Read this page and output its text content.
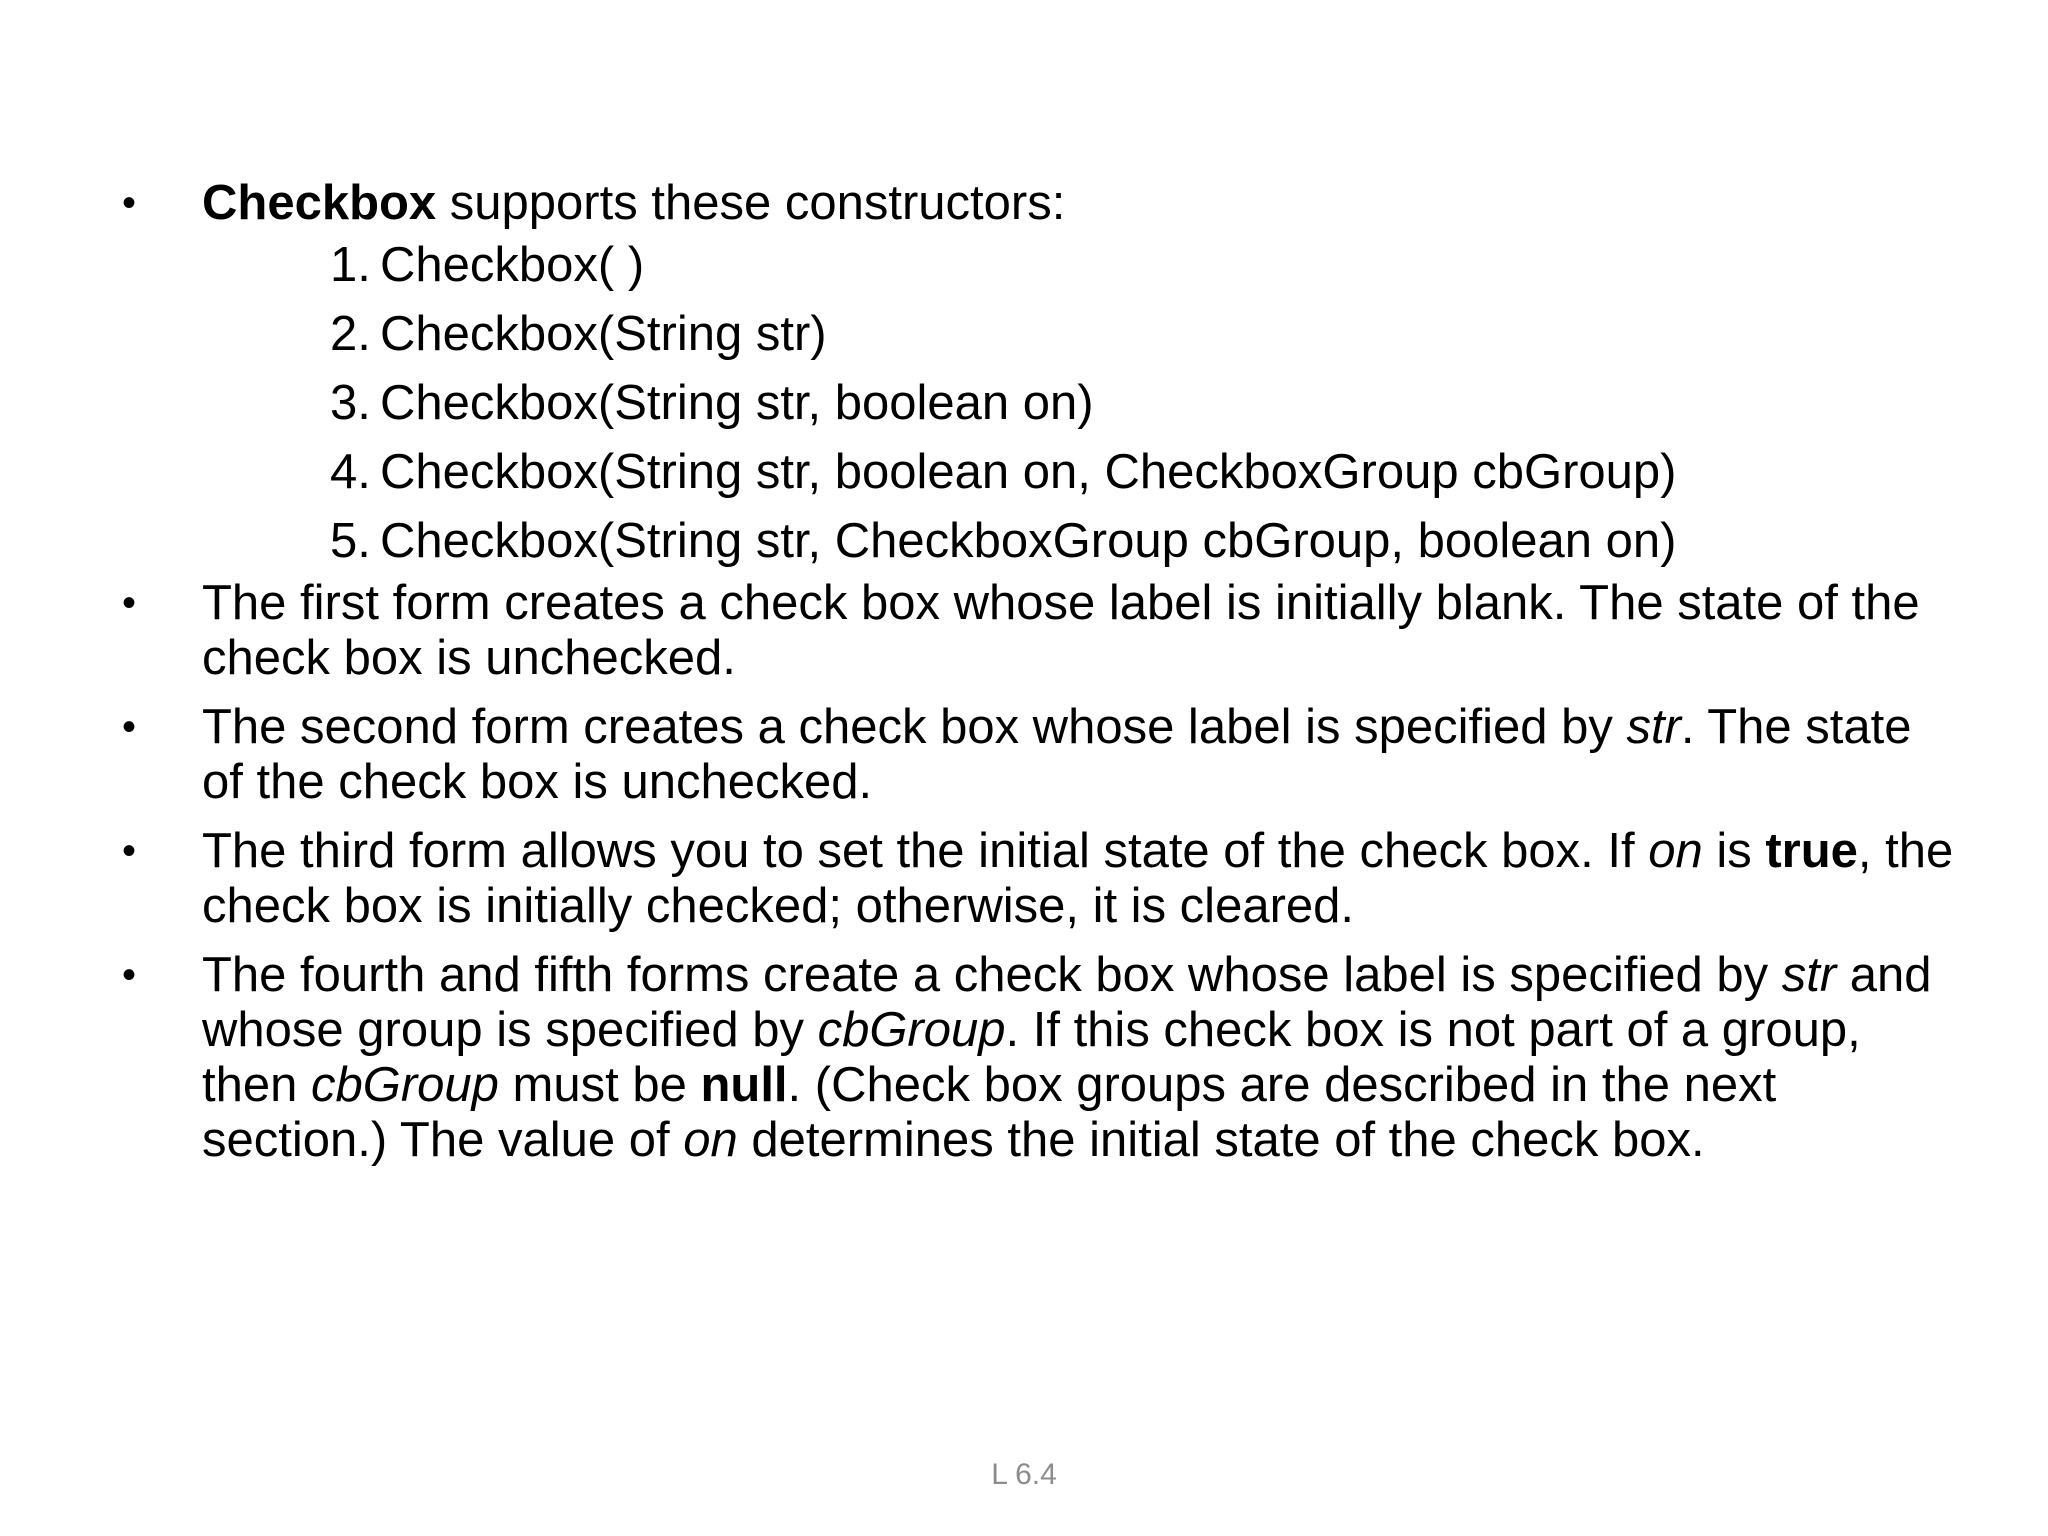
•	Checkbox supports these constructors:
1. Checkbox( )
2. Checkbox(String str)
3. Checkbox(String str, boolean on)
4. Checkbox(String str, boolean on, CheckboxGroup cbGroup)
5. Checkbox(String str, CheckboxGroup cbGroup, boolean on)
•	The first form creates a check box whose label is initially blank. The state of the check box is unchecked.
•	The second form creates a check box whose label is specified by str. The state of the check box is unchecked.
•	The third form allows you to set the initial state of the check box. If on is true, the check box is initially checked; otherwise, it is cleared.
•	The fourth and fifth forms create a check box whose label is specified by str and whose group is specified by cbGroup. If this check box is not part of a group, then cbGroup must be null. (Check box groups are described in the next section.) The value of on determines the initial state of the check box.
L 6.4
